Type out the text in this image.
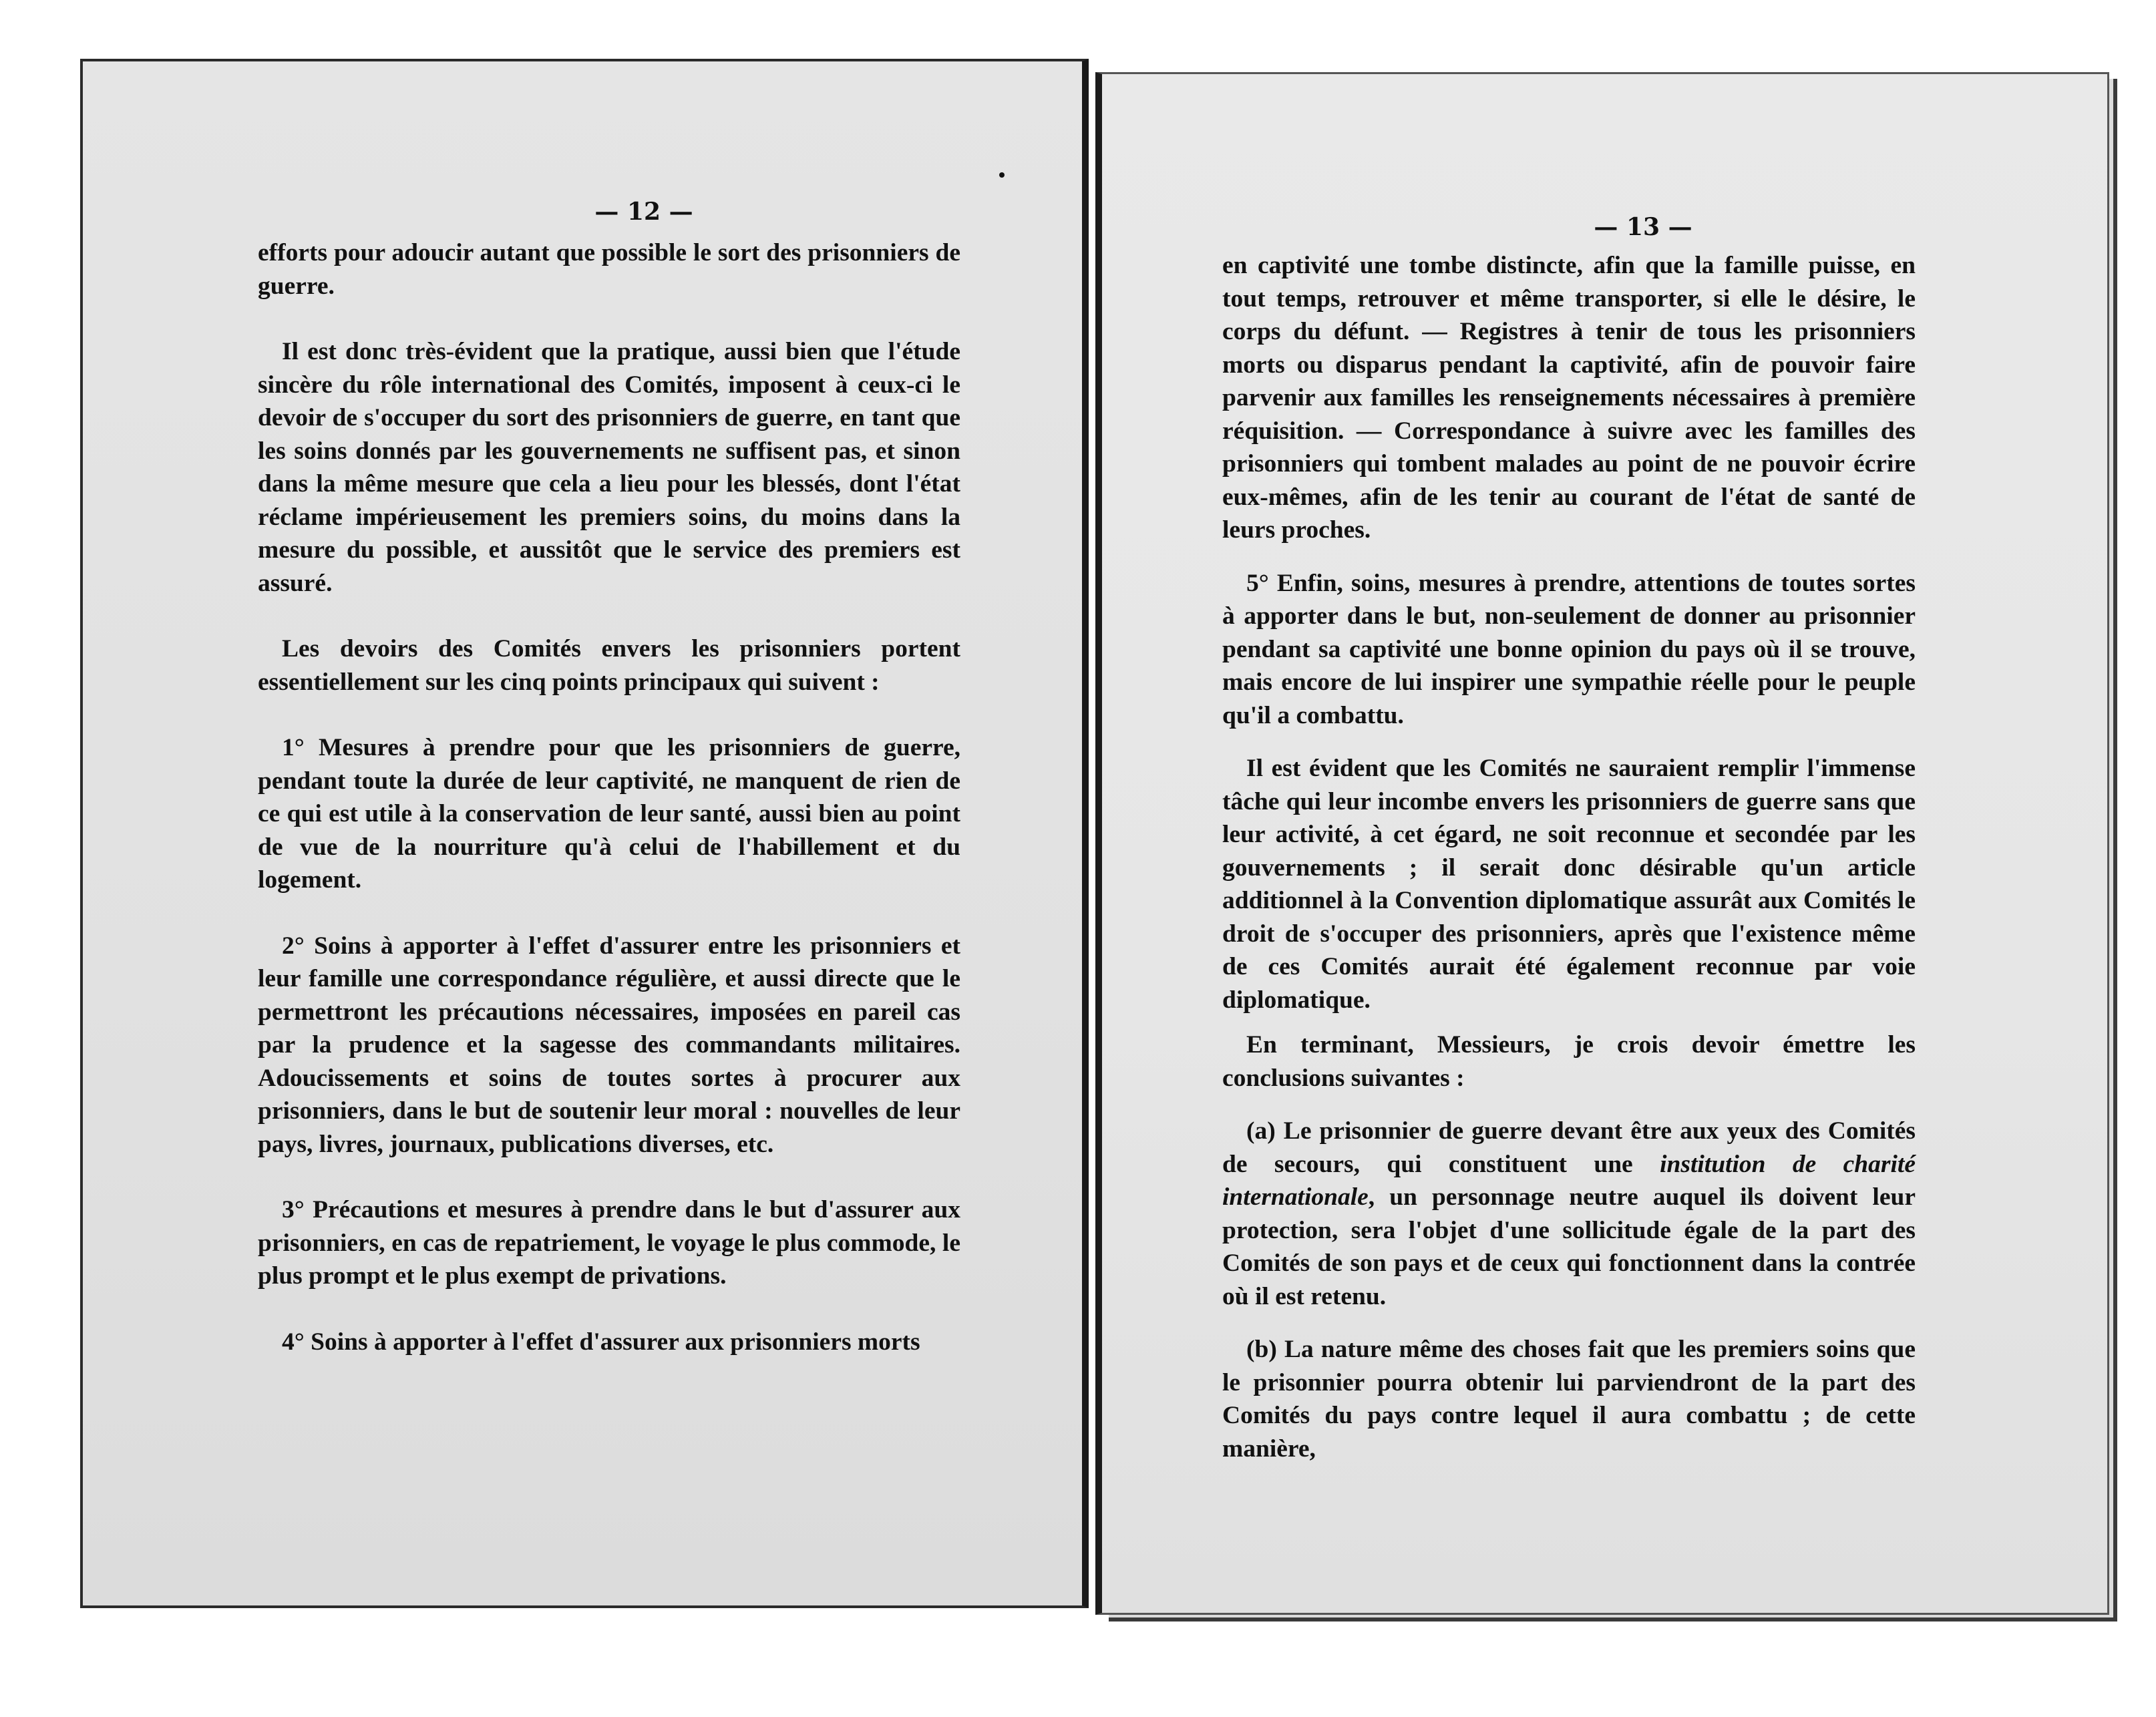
— 12 —

efforts pour adoucir autant que possible le sort des prisonniers de guerre.

Il est donc très-évident que la pratique, aussi bien que l'étude sincère du rôle international des Comités, imposent à ceux-ci le devoir de s'occuper du sort des prisonniers de guerre, en tant que les soins donnés par les gouvernements ne suffisent pas, et sinon dans la même mesure que cela a lieu pour les blessés, dont l'état réclame impérieusement les premiers soins, du moins dans la mesure du possible, et aussitôt que le service des premiers est assuré.

Les devoirs des Comités envers les prisonniers portent essentiellement sur les cinq points principaux qui suivent :

1° Mesures à prendre pour que les prisonniers de guerre, pendant toute la durée de leur captivité, ne manquent de rien de ce qui est utile à la conservation de leur santé, aussi bien au point de vue de la nourriture qu'à celui de l'habillement et du logement.

2° Soins à apporter à l'effet d'assurer entre les prisonniers et leur famille une correspondance régulière, et aussi directe que le permettront les précautions nécessaires, imposées en pareil cas par la prudence et la sagesse des commandants militaires. Adoucissements et soins de toutes sortes à procurer aux prisonniers, dans le but de soutenir leur moral : nouvelles de leur pays, livres, journaux, publications diverses, etc.

3° Précautions et mesures à prendre dans le but d'assurer aux prisonniers, en cas de repatriement, le voyage le plus commode, le plus prompt et le plus exempt de privations.

4° Soins à apporter à l'effet d'assurer aux prisonniers morts

— 13 —

en captivité une tombe distincte, afin que la famille puisse, en tout temps, retrouver et même transporter, si elle le désire, le corps du défunt. — Registres à tenir de tous les prisonniers morts ou disparus pendant la captivité, afin de pouvoir faire parvenir aux familles les renseignements nécessaires à première réquisition. — Correspondance à suivre avec les familles des prisonniers qui tombent malades au point de ne pouvoir écrire eux-mêmes, afin de les tenir au courant de l'état de santé de leurs proches.

5° Enfin, soins, mesures à prendre, attentions de toutes sortes à apporter dans le but, non-seulement de donner au prisonnier pendant sa captivité une bonne opinion du pays où il se trouve, mais encore de lui inspirer une sympathie réelle pour le peuple qu'il a combattu.

Il est évident que les Comités ne sauraient remplir l'immense tâche qui leur incombe envers les prisonniers de guerre sans que leur activité, à cet égard, ne soit reconnue et secondée par les gouvernements ; il serait donc désirable qu'un article additionnel à la Convention diplomatique assurât aux Comités le droit de s'occuper des prisonniers, après que l'existence même de ces Comités aurait été également reconnue par voie diplomatique.

En terminant, Messieurs, je crois devoir émettre les conclusions suivantes :

(a) Le prisonnier de guerre devant être aux yeux des Comités de secours, qui constituent une institution de charité internationale, un personnage neutre auquel ils doivent leur protection, sera l'objet d'une sollicitude égale de la part des Comités de son pays et de ceux qui fonctionnent dans la contrée où il est retenu.

(b) La nature même des choses fait que les premiers soins que le prisonnier pourra obtenir lui parviendront de la part des Comités du pays contre lequel il aura combattu ; de cette manière,
